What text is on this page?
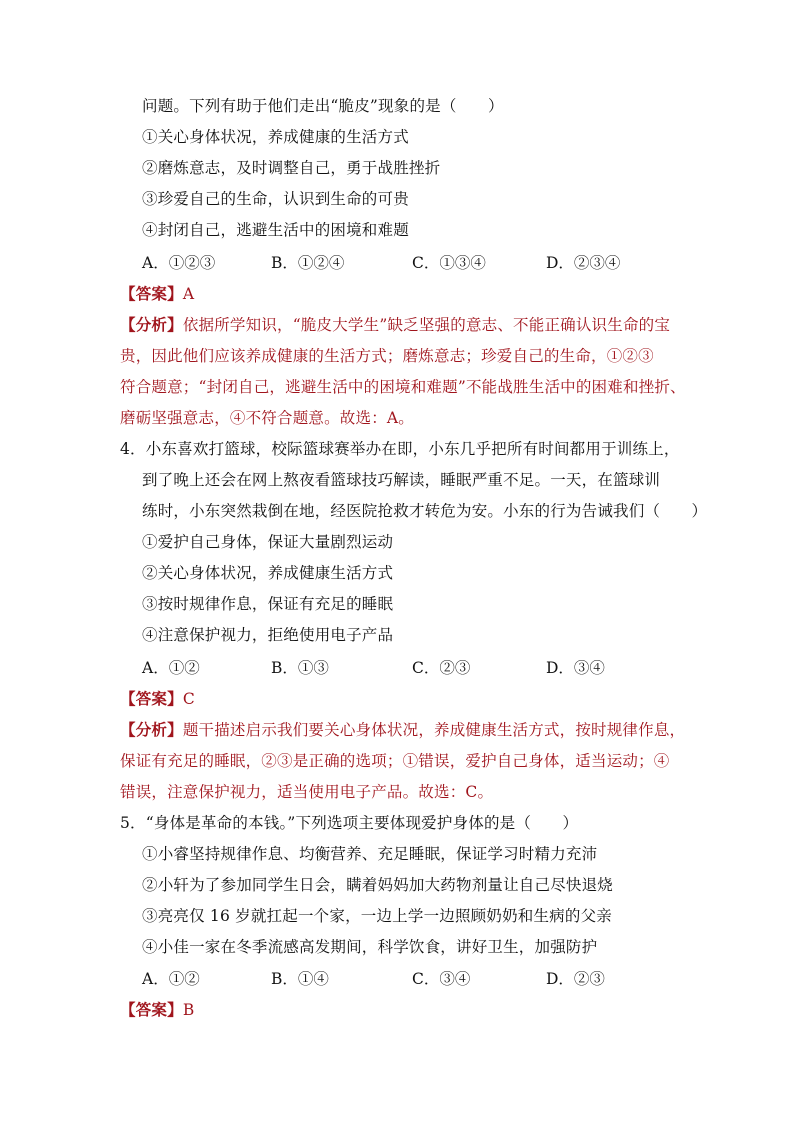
问题。下列有助于他们走出“脆皮”现象的是（　　）
①关心身体状况，养成健康的生活方式
②磨炼意志，及时调整自己，勇于战胜挫折
③珍爱自己的生命，认识到生命的可贵
④封闭自己，逃避生活中的困境和难题
A．①②③	B．①②④	C．①③④	D．②③④
【答案】A
【分析】依据所学知识，“脆皮大学生”缺乏坚强的意志、不能正确认识生命的宝
贵，因此他们应该养成健康的生活方式；磨炼意志；珍爱自己的生命，①②③
符合题意；“封闭自己，逃避生活中的困境和难题”不能战胜生活中的困难和挫折、
磨砺坚强意志，④不符合题意。故选：A。
4．小东喜欢打篮球，校际篮球赛举办在即，小东几乎把所有时间都用于训练上，
到了晚上还会在网上熬夜看篮球技巧解读，睡眠严重不足。一天，在篮球训
练时，小东突然栽倒在地，经医院抢救才转危为安。小东的行为告诫我们（　　）
①爱护自己身体，保证大量剧烈运动
②关心身体状况，养成健康生活方式
③按时规律作息，保证有充足的睡眠
④注意保护视力，拒绝使用电子产品
A．①②	B．①③	C．②③	D．③④
【答案】C
【分析】题干描述启示我们要关心身体状况，养成健康生活方式，按时规律作息，
保证有充足的睡眠，②③是正确的选项；①错误，爱护自己身体，适当运动；④
错误，注意保护视力，适当使用电子产品。故选：C。
5．“身体是革命的本钱。”下列选项主要体现爱护身体的是（　　）
①小睿坚持规律作息、均衡营养、充足睡眠，保证学习时精力充沛
②小轩为了参加同学生日会，瞒着妈妈加大药物剂量让自己尽快退烧
③亮亮仅 16 岁就扛起一个家，一边上学一边照顾奶奶和生病的父亲
④小佳一家在冬季流感高发期间，科学饮食，讲好卫生，加强防护
A．①②	B．①④	C．③④	D．②③
【答案】B
